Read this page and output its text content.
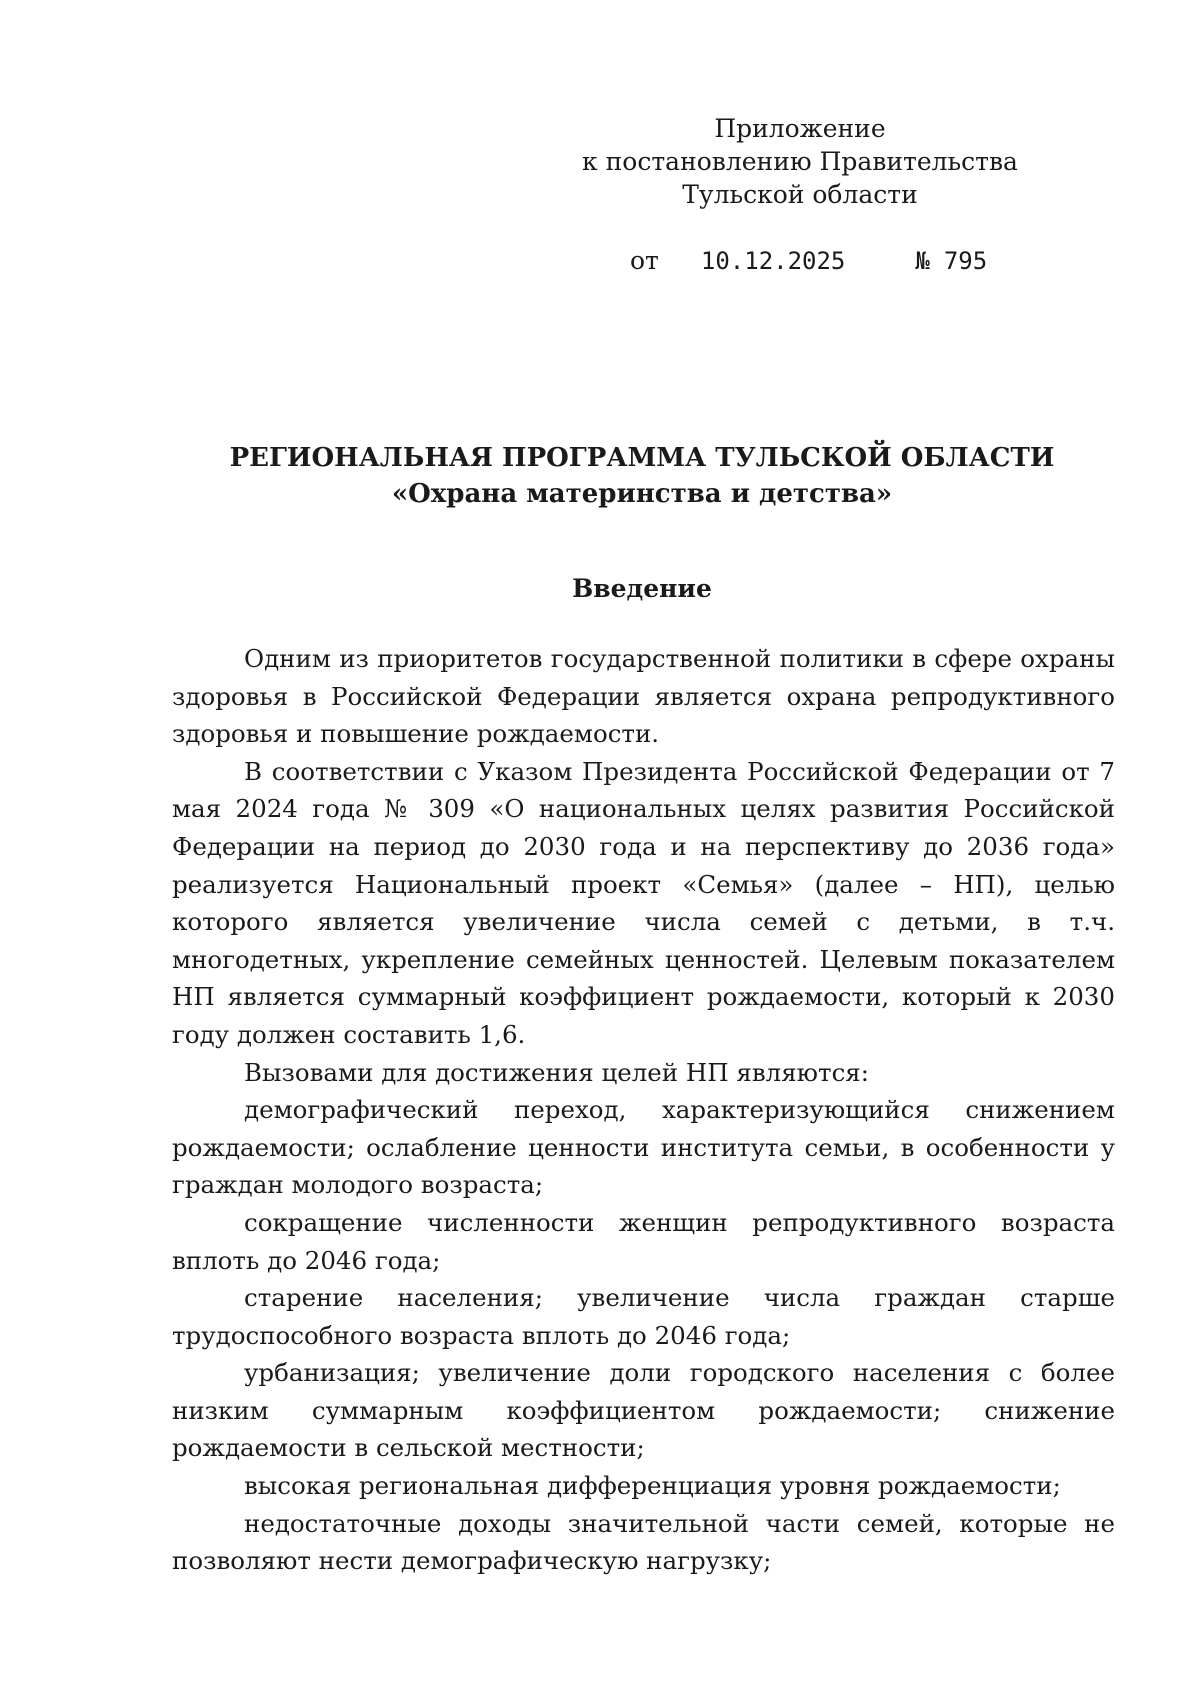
Приложение
к постановлению Правительства
Тульской области
от 10.12.2025	№ 795
РЕГИОНАЛЬНАЯ ПРОГРАММА ТУЛЬСКОЙ ОБЛАСТИ
«Охрана материнства и детства»
Введение

Одним из приоритетов государственной политики в сфере охраны здоровья в Российской Федерации является охрана репродуктивного здоровья и повышение рождаемости.

В соответствии с Указом Президента Российской Федерации от 7 мая 2024 года № 309 «О национальных целях развития Российской Федерации на период до 2030 года и на перспективу до 2036 года» реализуется Национальный проект «Семья» (далее – НП), целью которого является увеличение числа семей с детьми, в т.ч. многодетных, укрепление семейных ценностей. Целевым показателем НП является суммарный коэффициент рождаемости, который к 2030 году должен составить 1,6.

Вызовами для достижения целей НП являются:

демографический переход, характеризующийся снижением рождаемости; ослабление ценности института семьи, в особенности у граждан молодого возраста;

сокращение численности женщин репродуктивного возраста вплоть до 2046 года;

старение населения; увеличение числа граждан старше трудоспособного возраста вплоть до 2046 года;

урбанизация; увеличение доли городского населения с более низким суммарным коэффициентом рождаемости; снижение рождаемости в сельской местности;

высокая региональная дифференциация уровня рождаемости;

недостаточные доходы значительной части семей, которые не позволяют нести демографическую нагрузку;
